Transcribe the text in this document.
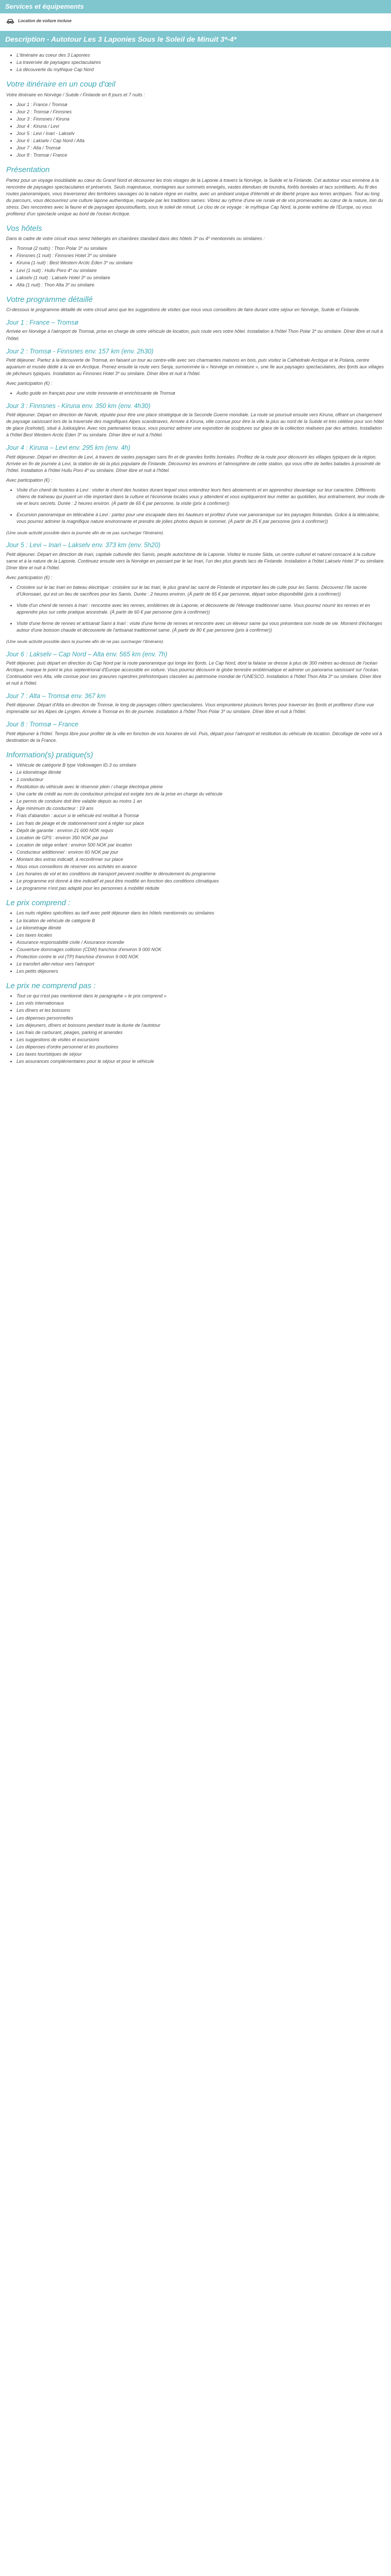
Services et équipements
Location de voiture incluse
Description - Autotour Les 3 Laponies Sous le Soleil de Minuit 3*-4*
• L'itinéraire au coeur des 3 Laponies
• La traversée de paysages spectaculaires
• La découverte du mythique Cap Nord
Votre itinéraire en un coup d'œil

Votre itinéraire en Norvège / Suède / Finlande en 8 jours et 7 nuits :

• Jour 1 : France / Tromsø
• Jour 2 : Tromsø / Finnsnes
• Jour 3 : Finnsnes / Kiruna
• Jour 4 : Kiruna / Levi
• Jour 5 : Levi / Inari - Lakselv
• Jour 6 : Lakselv / Cap Nord / Alta
• Jour 7 : Alta / Tromsø
• Jour 8 : Tromsø / France
Présentation

Partez pour un voyage inoubliable au cœur du Grand Nord et découvrez les trois visages de la Laponie à travers la Norvège, la Suède et la Finlande. Cet autotour vous emmène à la rencontre de paysages spectaculaires et préservés. Seuls majestueux, montagnes aux sommets enneigés, vastes étendues de toundra, forêts boréales et lacs scintillants. Au fil des routes panoramiques, vous traverserez des territoires sauvages où la nature règne en maître, avec un ambiant unique d'éternité et de liberté propre aux terres arctiques. Tout au long du parcours, vous découvrirez une culture lapone authentique, marquée par les traditions sames. Vibrez au rythme d'une vie rurale et de vos promenades au cœur de la nature, loin du stress. Des rencontres avec la faune et de paysages époustouflants, sous le soleil de minuit. Le clou de ce voyage : le mythique Cap Nord, la pointe extrême de l'Europe, où vous profiterez d'un spectacle unique au bord de l'océan Arctique.

Vos hôtels

Dans le cadre de votre circuit vous serez hébergés en chambres standard dans des hôtels 3* ou 4* mentionnés ou similaires :

• Tromsø (2 nuits) : Thon Polar 3* ou similaire
• Finnsnes (1 nuit) : Finnsnes Hotel 3* ou similaire
• Kiruna (1 nuit) : Best Western Arctic Eden 3* ou similaire
• Levi (1 nuit) : Hullu Poro 4* ou similaire
• Lakselv (1 nuit) : Lakselv Hotel 3* ou similaire
• Alta (1 nuit) : Thon Alta 3* ou similaire
Votre programme détaillé

Ci-dessous le programme détaillé de votre circuit ainsi que les suggestions de visites que nous vous conseillons de faire durant votre séjour en Norvège, Suède et Finlande.

Jour 1 : France – Tromsø

Arrivée en Norvège à l'aéroport de Tromsø, prise en charge de votre véhicule de location, puis route vers votre hôtel. Installation à l'hôtel Thon Polar 3* ou similaire. Dîner libre et nuit à l'hôtel.

Jour 2 : Tromsø - Finnsnes env. 157 km (env. 2h30)

Petit déjeuner. Partez à la découverte de Tromsø, en faisant un tour au centre-ville avec ses charmantes maisons en bois, puis visitez la Cathédrale Arctique et le Polaria, centre aquarium et musée dédié à la vie en Arctique. Prenez ensuite la route vers Senja, surnommée la « Norvège en miniature », une île aux paysages spectaculaires, des fjords aux villages de pêcheurs typiques. Installation au Finnsnes Hotel 3* ou similaire. Dîner libre et nuit à l'hôtel.

Avec participation (€) :

• Audio guide en français pour une visite innovante et enrichissante de Tromsø
Jour 3 : Finnsnes - Kiruna env. 350 km (env. 4h30)

Petit déjeuner. Départ en direction de Narvik, réputée pour être une place stratégique de la Seconde Guerre mondiale. La route se poursuit ensuite vers Kiruna, offrant un changement de paysage saisissant lors de la traversée des magnifiques Alpes scandinaves. Arrivée à Kiruna, ville connue pour être la ville la plus au nord de la Suède et très célèbre pour son hôtel de glace (Icehotel), situé à Jukkasjärvi. Avec nos partenaires locaux, vous pourrez admirer une exposition de sculptures sur glace de la collection réalisées par des artistes. Installation à l'hôtel Best Western Arctic Eden 3* ou similaire. Dîner libre et nuit à l'hôtel.

Jour 4 : Kiruna – Levi env. 295 km (env. 4h)

Petit déjeuner. Départ en direction de Levi, à travers de vastes paysages sans fin et de grandes forêts boréales. Profitez de la route pour découvrir les villages typiques de la région. Arrivée en fin de journée à Levi, la station de ski la plus populaire de Finlande. Découvrez les environs et l'atmosphère de cette station, qui vous offre de belles balades à proximité de l'hôtel. Installation à l'hôtel Hullu Poro 4* ou similaire. Dîner libre et nuit à l'hôtel.

Avec participation (€) :

• Visite d'un chenil de huskies à Levi : visiter le chenil des huskies durant lequel vous entendrez leurs fiers aboiements et en apprendrez davantage sur leur caractère. Différents chiens de traîneau qui jouent un rôle important dans la culture et l'économie locales vous y attendent et vous expliqueront leur métier au quotidien, leur entraînement, leur mode de vie et leurs secrets. Durée : 2 heures environ. (À partir de 65 € par personne, la visite (prix à confirmer))
• Excursion panoramique en télécabine à Levi : partez pour une escapade dans les hauteurs et profitez d'une vue panoramique sur les paysages finlandais. Grâce à la télécabine, vous pourrez admirer la magnifique nature environnante et prendre de jolies photos depuis le sommet. (À partir de 25 € par personne (prix à confirmer))

(Une seule activité possible dans la journée afin de ne pas surcharger l'itinéraire).

Jour 5 : Levi – Inari – Lakselv env. 373 km (env. 5h20)

Petit déjeuner. Départ en direction de Inari, capitale culturelle des Samis, peuple autochtone de la Laponie. Visitez le musée Siida, un centre culturel et naturel consacré à la culture same et à la nature de la Laponie. Continuez ensuite vers la Norvège en passant par le lac Inari, l'un des plus grands lacs de Finlande. Installation à l'hôtel Lakselv Hotel 3* ou similaire. Dîner libre et nuit à l'hôtel.

Avec participation (€) :

• Croisière sur le lac Inari en bateau électrique : croisière sur le lac Inari, le plus grand lac sacré de Finlande et important lieu de culte pour les Samis. Découvrez l'île sacrée d'Ukonsaari, qui est un lieu de sacrifices pour les Samis. Durée : 2 heures environ. (À partir de 65 € par personne, départ selon disponibilité (prix à confirmer))
• Visite d'un chenil de rennes à Inari : rencontre avec les rennes, emblèmes de la Laponie, et découverte de l'élevage traditionnel same. Vous pourrez nourrir les rennes et en apprendre plus sur cette pratique ancestrale. (À partir de 60 € par personne (prix à confirmer))
• Visite d'une ferme de rennes et artisanat Sami à Inari : visite d'une ferme de rennes et rencontre avec un éleveur same qui vous présentera son mode de vie. Moment d'échanges autour d'une boisson chaude et découverte de l'artisanat traditionnel same. (À partir de 80 € par personne (prix à confirmer))

(Une seule activité possible dans la journée afin de ne pas surcharger l'itinéraire).

Jour 6 : Lakselv – Cap Nord – Alta env. 565 km (env. 7h)

Petit déjeuner, puis départ en direction du Cap Nord par la route panoramique qui longe les fjords. Le Cap Nord, dont la falaise se dresse à plus de 300 mètres au-dessus de l'océan Arctique, marque le point le plus septentrional d'Europe accessible en voiture. Vous pourrez découvrir le globe terrestre emblématique et admirer un panorama saisissant sur l'océan. Continuation vers Alta, ville connue pour ses gravures rupestres préhistoriques classées au patrimoine mondial de l'UNESCO. Installation à l'hôtel Thon Alta 3* ou similaire. Dîner libre et nuit à l'hôtel.

Jour 7 : Alta – Tromsø env. 367 km

Petit déjeuner. Départ d'Alta en direction de Tromsø, le long de paysages côtiers spectaculaires. Vous emprunterez plusieurs ferries pour traverser les fjords et profiterez d'une vue imprenable sur les Alpes de Lyngen. Arrivée à Tromsø en fin de journée. Installation à l'hôtel Thon Polar 3* ou similaire. Dîner libre et nuit à l'hôtel.

Jour 8 : Tromsø – France

Petit déjeuner à l'hôtel. Temps libre pour profiter de la ville en fonction de vos horaires de vol. Puis, départ pour l'aéroport et restitution du véhicule de location. Décollage de votre vol à destination de la France.

Information(s) pratique(s)
• Véhicule de catégorie B type Volkswagen ID.3 ou similaire
• Le kilométrage illimité
• 1 conducteur
• Restitution du véhicule avec le réservoir plein / charge électrique pleine
• Une carte de crédit au nom du conducteur principal est exigée lors de la prise en charge du véhicule
• Le permis de conduire doit être valable depuis au moins 1 an
• Âge minimum du conducteur : 19 ans
• Frais d'abandon : aucun si le véhicule est restitué à Tromsø
• Les frais de péage et de stationnement sont à régler sur place
• Dépôt de garantie : environ 21 600 NOK requis
• Location de GPS : environ 350 NOK par jour
• Location de siège enfant : environ 500 NOK par location
• Conducteur additionnel : environ 60 NOK par jour
• Montant des extras indicatif, à reconfirmer sur place
• Nous vous conseillons de réserver vos activités en avance
• Les horaires de vol et les conditions de transport peuvent modifier le déroulement du programme
• Le programme est donné à titre indicatif et peut être modifié en fonction des conditions climatiques
• Le programme n'est pas adapté pour les personnes à mobilité réduite
Le prix comprend :
• Les nuits réglées spécifiées au tarif avec petit déjeuner dans les hôtels mentionnés ou similaires
• La location de véhicule de catégorie B
• Le kilométrage illimité
• Les taxes locales
• Assurance responsabilité civile / Assurance incendie
• Couverture dommages collision (CDW) franchise d'environ 9 000 NOK
• Protection contre le vol (TP) franchise d'environ 9 000 NOK
• Le transfert aller-retour vers l'aéroport
• Les petits déjeuners
Le prix ne comprend pas :
• Tout ce qui n'est pas mentionné dans le paragraphe « le prix comprend »
• Les vols internationaux
• Les dîners et les boissons
• Les dépenses personnelles
• Les déjeuners, dîners et boissons pendant toute la durée de l'autotour
• Les frais de carburant, péages, parking et amendes
• Les suggestions de visites et excursions
• Les dépenses d'ordre personnel et les pourboires
• Les taxes touristiques de séjour
• Les assurances complémentaires pour le séjour et pour le véhicule
